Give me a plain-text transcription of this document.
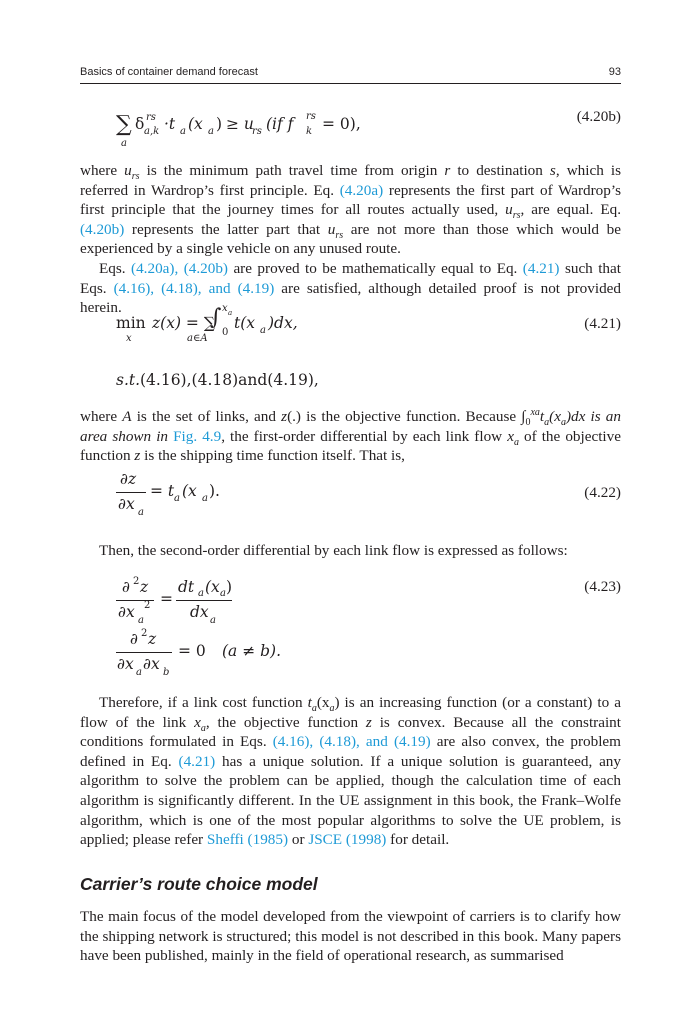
Basics of container demand forecast	93
∑
a
δ rs
a,k ·t a (x a ) ≥ u
rs (if f rs
k = 0),	(4.20b)

where $u_{rs}$ is the minimum path travel time from origin r to destination s, which is referred in Wardrop’s first principle. Eq. (4.20a) represents the first part of Wardrop’s first principle that the journey times for all routes actually used, $u_{rs}$, are equal. Eq. (4.20b) represents the latter part that $u_{rs}$ are not more than those which would be experienced by a single vehicle on any unused route.

Eqs. (4.20a), (4.20b) are proved to be mathematically equal to Eq. (4.21) such that Eqs. (4.16), (4.18), and (4.19) are satisfied, although detailed proof is not provided herein.

min
x
z(x) = ∑
a∈A
∫ x a
0
t(x a )dx,	(4.21)
s.t. (4.16),(4.18)and(4.19),

where A is the set of links, and z(.) is the objective function. Because $\int_0^{xa}t_a(x_a)dx$ is an area shown in Fig. 4.9, the first-order differential by each link flow $x_a$ of the objective function z is the shipping time function itself. That is,

∂z
∂x a
= t a (x a ).	(4.22)

Then, the second-order differential by each link flow is expressed as follows:

∂ 2 z
∂x a
2 =
dt a (x a )
dx a
(4.23)
∂ 2 z
∂x a ∂x b
= 0 (a ≠ b).

Therefore, if a link cost function $t_a(x_a)$ is an increasing function (or a constant) to a flow of the link $x_a$, the objective function z is convex. Because all the constraint conditions formulated in Eqs. (4.16), (4.18), and (4.19) are also convex, the problem defined in Eq. (4.21) has a unique solution. If a unique solution is guaranteed, any algorithm to solve the problem can be applied, though the calculation time of each algorithm is significantly different. In the UE assignment in this book, the Frank–Wolfe algorithm, which is one of the most popular algorithms to solve the UE problem, is applied; please refer Sheffi (1985) or JSCE (1998) for detail.

Carrier’s route choice model

The main focus of the model developed from the viewpoint of carriers is to clarify how the shipping network is structured; this model is not described in this book. Many papers have been published, mainly in the field of operational research, as summarised
